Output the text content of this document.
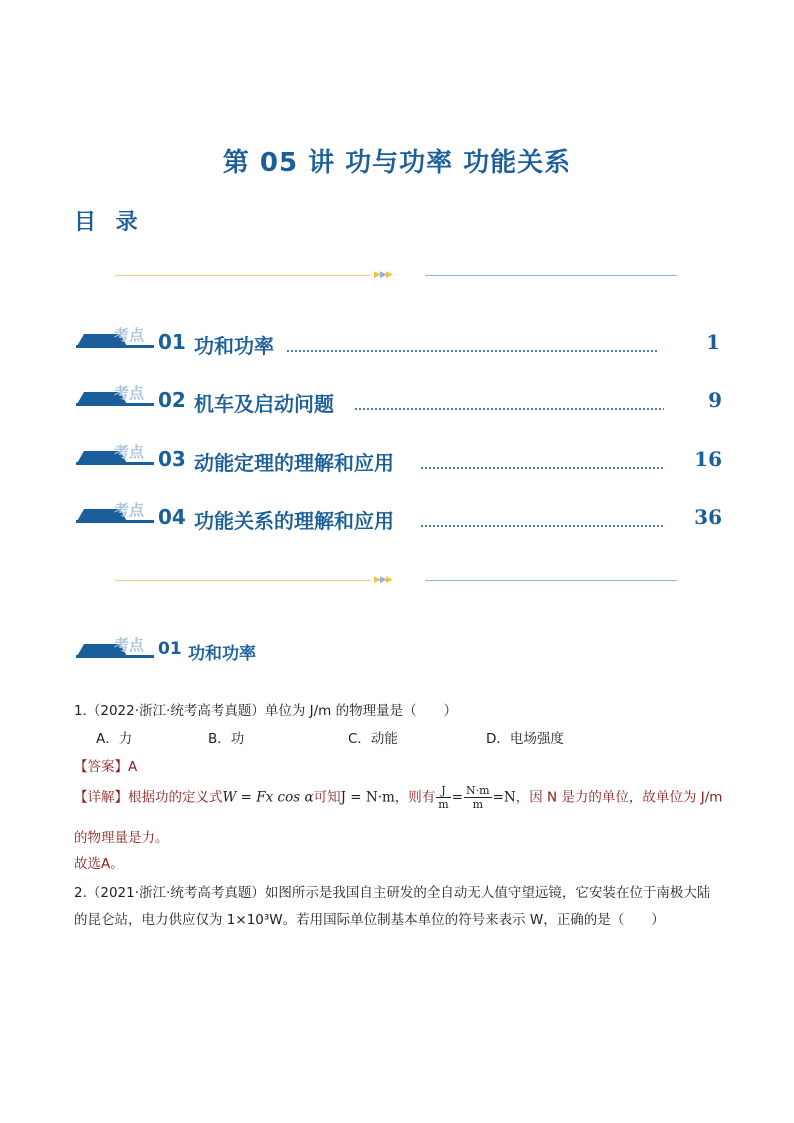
第 05 讲 功与功率 功能关系
目 录
▶▶▶
考点 01 功和功率	1
考点 02 机车及启动问题	9
考点 03 动能定理的理解和应用	16
考点 04 功能关系的理解和应用	36
▶▶▶
考点 01 功和功率
1.（2022·浙江·统考高考真题）单位为 J/m 的物理量是（　　）
A．力	B．功	C．动能	D．电场强度
【答案】A
【详解】根据功的定义式W = Fx cos α可知J = N·m，则有 $\frac{J}{m} = \frac{N\cdot m}{m} =N$，因 N 是力的单位，故单位为 J/m
的物理量是力。
故选A。
2.（2021·浙江·统考高考真题）如图所示是我国自主研发的全自动无人值守望远镜，它安装在位于南极大陆
的昆仑站，电力供应仅为 1×10³W。若用国际单位制基本单位的符号来表示 W，正确的是（　　）
